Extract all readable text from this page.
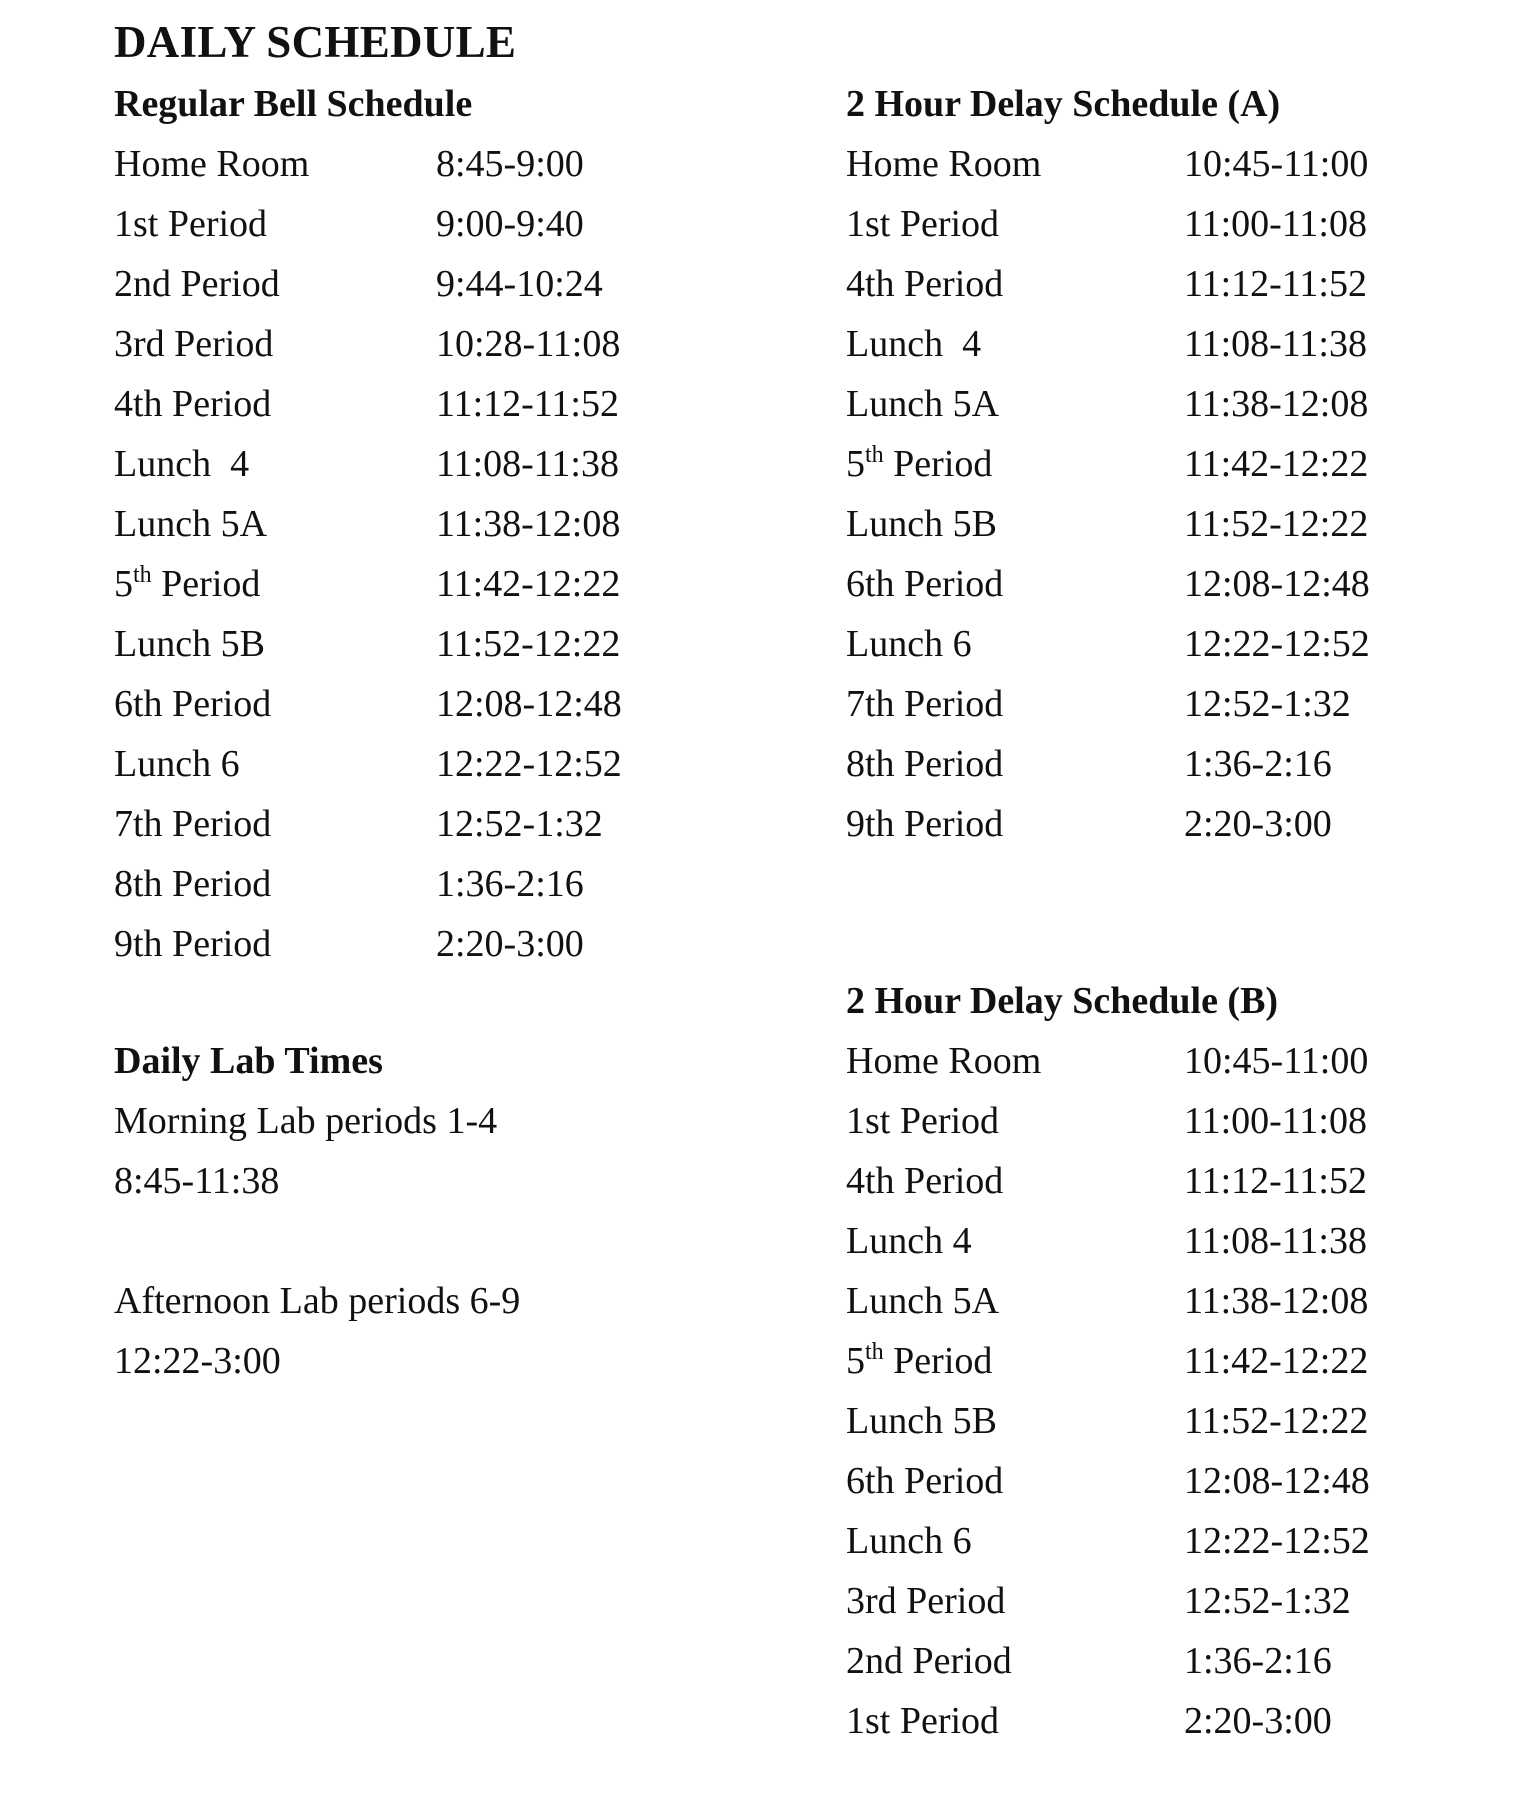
DAILY SCHEDULE
Regular Bell Schedule
Home Room	8:45-9:00
1st Period	9:00-9:40
2nd Period	9:44-10:24
3rd Period	10:28-11:08
4th Period	11:12-11:52
Lunch  4	11:08-11:38
Lunch 5A	11:38-12:08
5th Period	11:42-12:22
Lunch 5B	11:52-12:22
6th Period	12:08-12:48
Lunch 6	12:22-12:52
7th Period	12:52-1:32
8th Period	1:36-2:16
9th Period	2:20-3:00
2 Hour Delay Schedule (A)
Home Room	10:45-11:00
1st Period	11:00-11:08
4th Period	11:12-11:52
Lunch  4	11:08-11:38
Lunch 5A	11:38-12:08
5th Period	11:42-12:22
Lunch 5B	11:52-12:22
6th Period	12:08-12:48
Lunch 6	12:22-12:52
7th Period	12:52-1:32
8th Period	1:36-2:16
9th Period	2:20-3:00
2 Hour Delay Schedule (B)
Home Room	10:45-11:00
1st Period	11:00-11:08
4th Period	11:12-11:52
Lunch 4	11:08-11:38
Lunch 5A	11:38-12:08
5th Period	11:42-12:22
Lunch 5B	11:52-12:22
6th Period	12:08-12:48
Lunch 6	12:22-12:52
3rd Period	12:52-1:32
2nd Period	1:36-2:16
1st Period	2:20-3:00
Daily Lab Times
Morning Lab periods 1-4
8:45-11:38
Afternoon Lab periods 6-9
12:22-3:00
